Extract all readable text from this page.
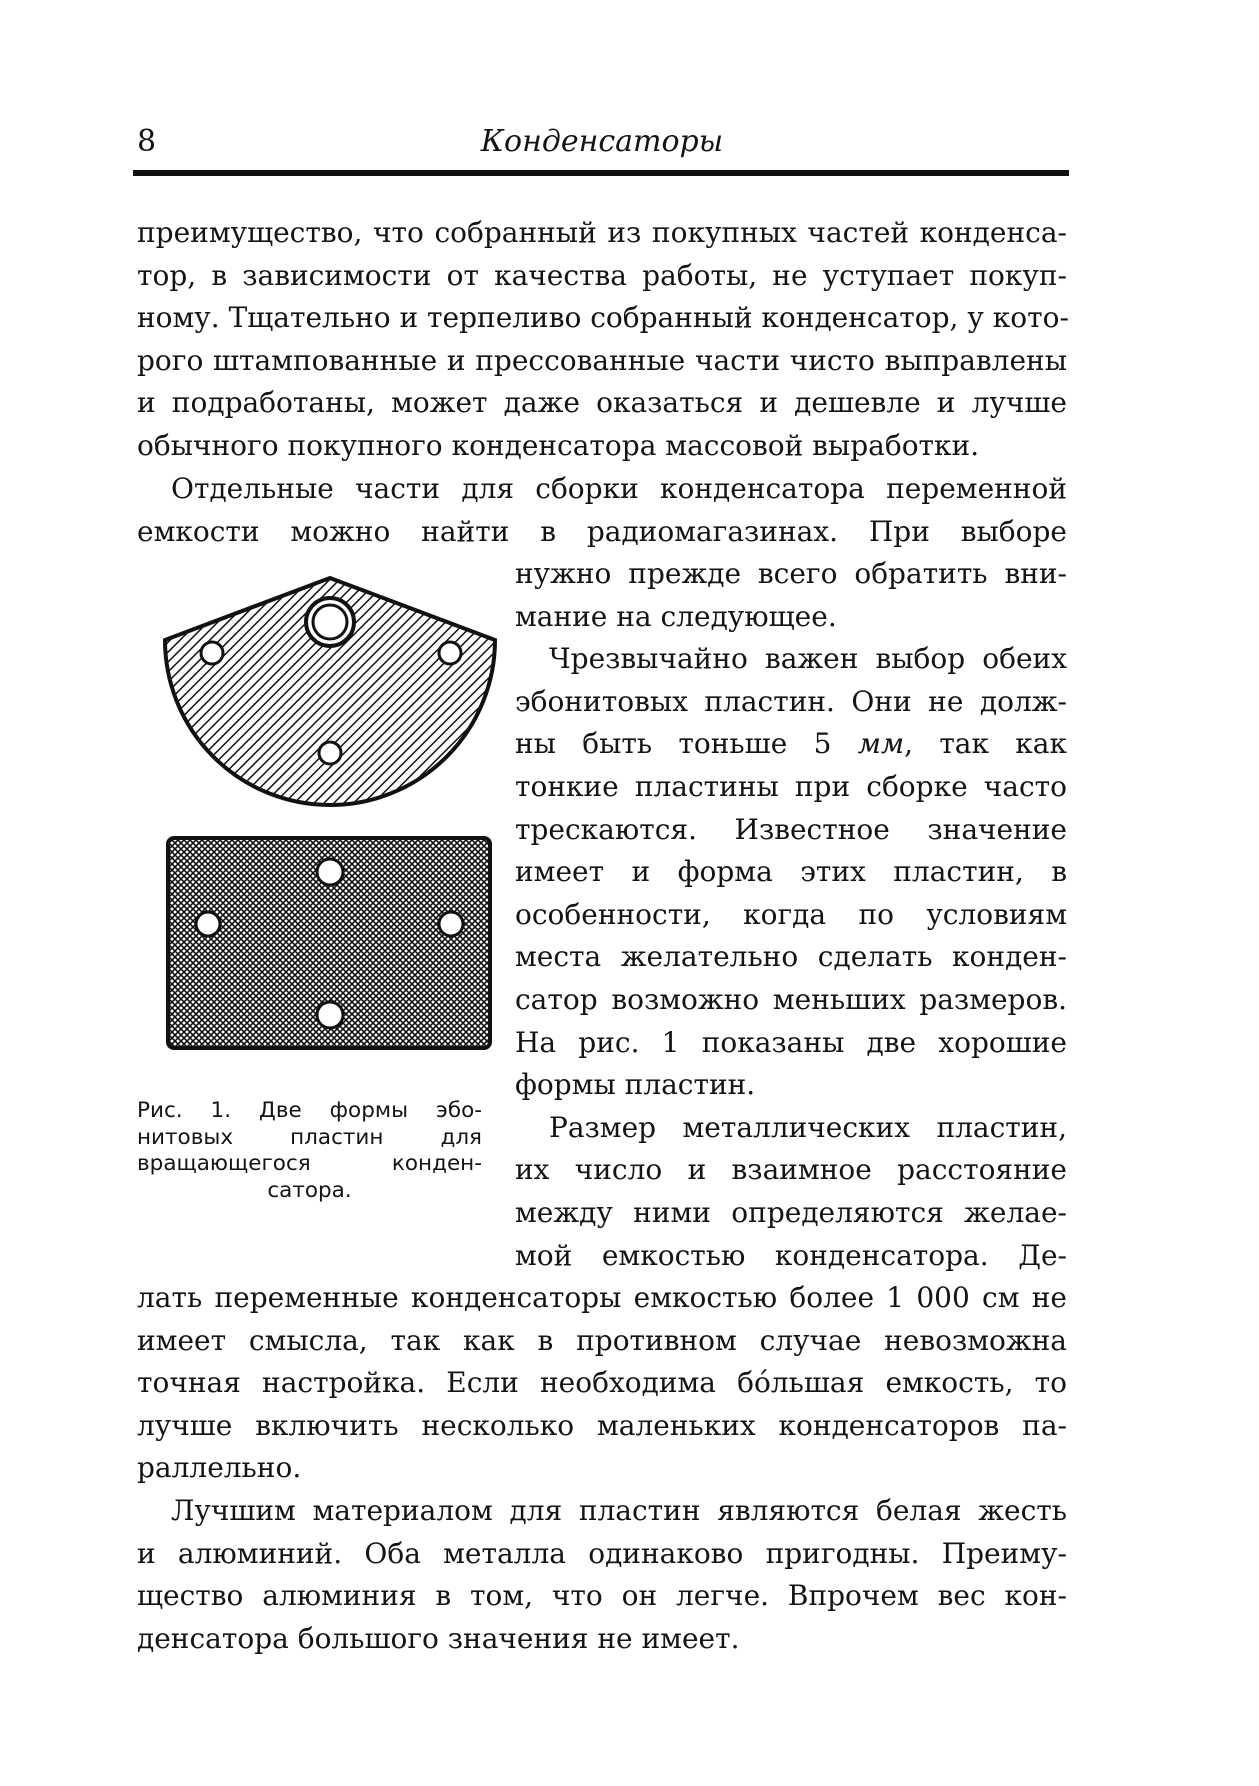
8	Конденсаторы

преимущество, что собранный из покупных частей конденса-
тор, в зависимости от качества работы, не уступает покуп-
ному. Тщательно и терпеливо собранный конденсатор, у кото-
рого штампованные и прессованные части чисто выправлены
и подработаны, может даже оказаться и дешевле и лучше
обычного покупного конденсатора массовой выработки.

Отдельные части для сборки конденсатора переменной
емкости можно найти в радиомагазинах. При выборе

нужно прежде всего обратить вни-
мание на следующее.
Чрезвычайно важен выбор обеих
эбонитовых пластин. Они не долж-
ны быть тоньше 5 мм, так как
тонкие пластины при сборке часто
трескаются. Известное значение
имеет и форма этих пластин, в
особенности, когда по условиям
места желательно сделать конден-
сатор возможно меньших размеров.
На рис. 1 показаны две хорошие
формы пластин.
Размер металлических пластин,
их число и взаимное расстояние
между ними определяются желае-
мой емкостью конденсатора. Де-

лать переменные конденсаторы емкостью более 1 000 см не
имеет смысла, так как в противном случае невозможна
точная настройка. Если необходима бо́льшая емкость, то
лучше включить несколько маленьких конденсаторов па-
раллельно.

Лучшим материалом для пластин являются белая жесть
и алюминий. Оба металла одинаково пригодны. Преиму-
щество алюминия в том, что он легче. Впрочем вес кон-
денсатора большого значения не имеет.

Рис. 1. Две формы эбо-
нитовых пластин для
вращающегося конден-
сатора.
